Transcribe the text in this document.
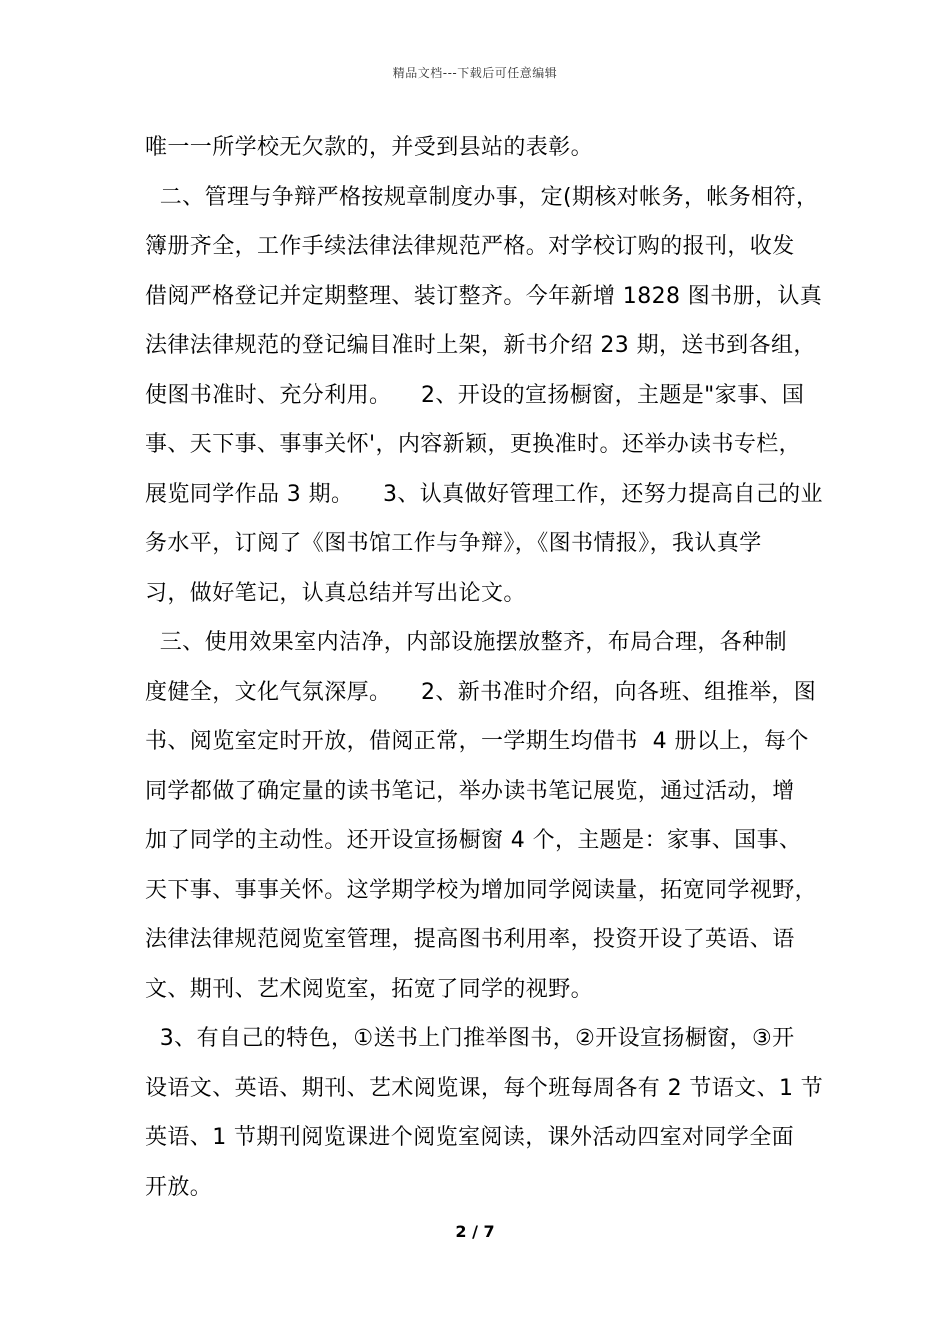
精品文档---下载后可任意编辑
唯一一所学校无欠款的，并受到县站的表彰。
二、管理与争辩严格按规章制度办事，定(期核对帐务，帐务相符，
簿册齐全，工作手续法律法律规范严格。对学校订购的报刊，收发
借阅严格登记并定期整理、装订整齐。今年新增 1828 图书册，认真
法律法律规范的登记编目准时上架，新书介绍 23 期，送书到各组，
使图书准时、充分利用。    2、开设的宣扬橱窗，主题是"家事、国
事、天下事、事事关怀'，内容新颖，更换准时。还举办读书专栏，
展览同学作品 3 期。    3、认真做好管理工作，还努力提高自己的业
务水平，订阅了《图书馆工作与争辩》，《图书情报》，我认真学
习，做好笔记，认真总结并写出论文。
三、使用效果室内洁净，内部设施摆放整齐，布局合理，各种制
度健全，文化气氛深厚。    2、新书准时介绍，向各班、组推举，图
书、阅览室定时开放，借阅正常，一学期生均借书  4 册以上，每个
同学都做了确定量的读书笔记，举办读书笔记展览，通过活动，增
加了同学的主动性。还开设宣扬橱窗 4 个，主题是：家事、国事、
天下事、事事关怀。这学期学校为增加同学阅读量，拓宽同学视野，
法律法律规范阅览室管理，提高图书利用率，投资开设了英语、语
文、期刊、艺术阅览室，拓宽了同学的视野。
3、有自己的特色，①送书上门推举图书，②开设宣扬橱窗，③开
设语文、英语、期刊、艺术阅览课，每个班每周各有 2 节语文、1 节
英语、1 节期刊阅览课进个阅览室阅读，课外活动四室对同学全面
开放。
2 / 7
